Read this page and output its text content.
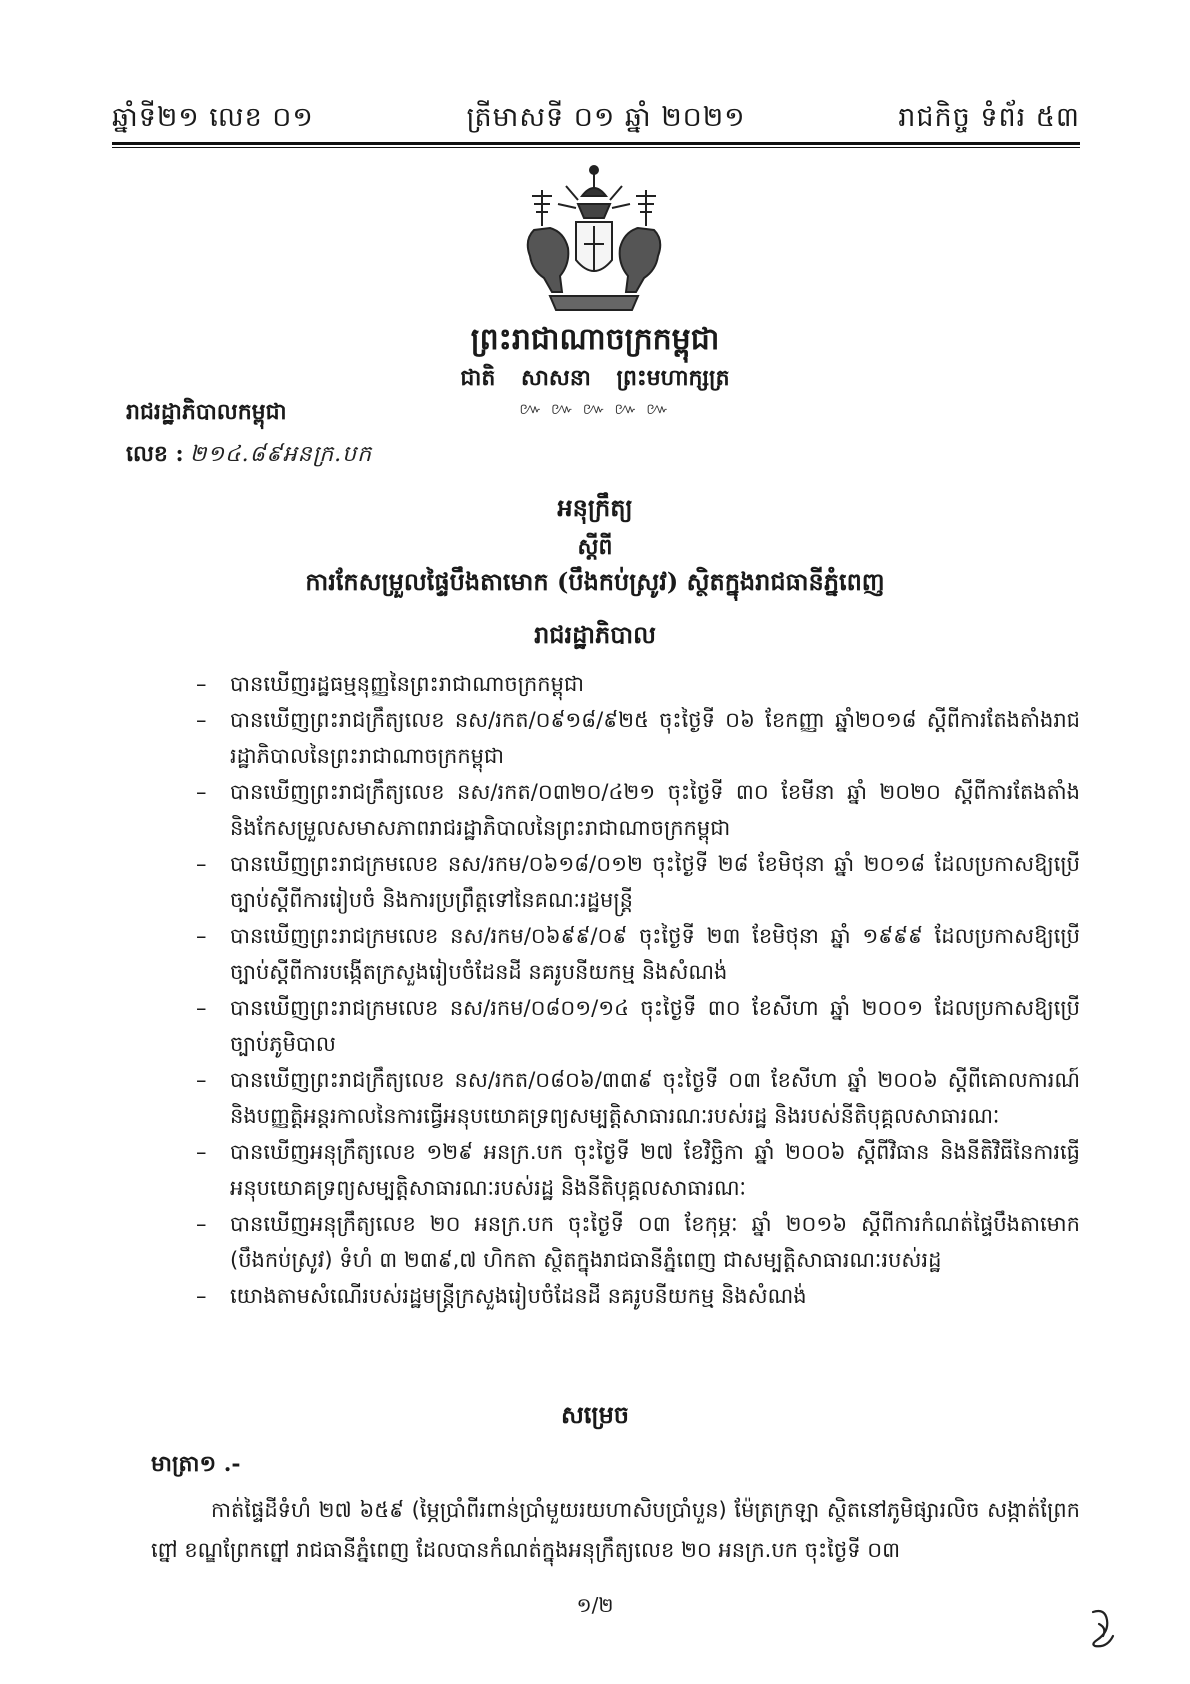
ឆ្នាំទី២១ លេខ ០១	ត្រីមាសទី ០១ ឆ្នាំ ២០២១	រាជកិច្ច ទំព័រ ៥៣
ព្រះរាជាណាចក្រកម្ពុជា
ជាតិ សាសនា ព្រះមហាក្សត្រ
៚ ៚ ៚ ៚ ៚
រាជរដ្ឋាភិបាលកម្ពុជា
លេខ : ២១៤.៨៩អនក្រ.បក
អនុក្រឹត្យ
ស្តីពី
ការកែសម្រួលផ្ទៃបឹងតាមោក (បឹងកប់ស្រូវ) ស្ថិតក្នុងរាជធានីភ្នំពេញ
រាជរដ្ឋាភិបាល
– បានឃើញរដ្ឋធម្មនុញ្ញនៃព្រះរាជាណាចក្រកម្ពុជា
– បានឃើញព្រះរាជក្រឹត្យលេខ នស/រកត/០៩១៨/៩២៥ ចុះថ្ងៃទី ០៦ ខែកញ្ញា ឆ្នាំ២០១៨ ស្តីពីការតែងតាំងរាជរដ្ឋាភិបាលនៃព្រះរាជាណាចក្រកម្ពុជា
– បានឃើញព្រះរាជក្រឹត្យលេខ នស/រកត/០៣២០/៤២១ ចុះថ្ងៃទី ៣០ ខែមីនា ឆ្នាំ ២០២០ ស្តីពីការតែងតាំង និងកែសម្រួលសមាសភាពរាជរដ្ឋាភិបាលនៃព្រះរាជាណាចក្រកម្ពុជា
– បានឃើញព្រះរាជក្រមលេខ នស/រកម/០៦១៨/០១២ ចុះថ្ងៃទី ២៨ ខែមិថុនា ឆ្នាំ ២០១៨ ដែលប្រកាសឱ្យប្រើច្បាប់ស្តីពីការរៀបចំ និងការប្រព្រឹត្តទៅនៃគណៈរដ្ឋមន្ត្រី
– បានឃើញព្រះរាជក្រមលេខ នស/រកម/០៦៩៩/០៩ ចុះថ្ងៃទី ២៣ ខែមិថុនា ឆ្នាំ ១៩៩៩ ដែលប្រកាសឱ្យប្រើច្បាប់ស្តីពីការបង្កើតក្រសួងរៀបចំដែនដី នគរូបនីយកម្ម និងសំណង់
– បានឃើញព្រះរាជក្រមលេខ នស/រកម/០៨០១/១៤ ចុះថ្ងៃទី ៣០ ខែសីហា ឆ្នាំ ២០០១ ដែលប្រកាសឱ្យប្រើច្បាប់ភូមិបាល
– បានឃើញព្រះរាជក្រឹត្យលេខ នស/រកត/០៨០៦/៣៣៩ ចុះថ្ងៃទី ០៣ ខែសីហា ឆ្នាំ ២០០៦ ស្តីពីគោលការណ៍ និងបញ្ញត្តិអន្តរកាលនៃការធ្វើអនុបយោគទ្រព្យសម្បត្តិសាធារណៈរបស់រដ្ឋ និងរបស់នីតិបុគ្គលសាធារណៈ
– បានឃើញអនុក្រឹត្យលេខ ១២៩ អនក្រ.បក ចុះថ្ងៃទី ២៧ ខែវិច្ឆិកា ឆ្នាំ ២០០៦ ស្តីពីវិធាន និងនីតិវិធីនៃការធ្វើអនុបយោគទ្រព្យសម្បត្តិសាធារណៈរបស់រដ្ឋ និងនីតិបុគ្គលសាធារណៈ
– បានឃើញអនុក្រឹត្យលេខ ២០ អនក្រ.បក ចុះថ្ងៃទី ០៣ ខែកុម្ភៈ ឆ្នាំ ២០១៦ ស្តីពីការកំណត់ផ្ទៃបឹងតាមោក (បឹងកប់ស្រូវ) ទំហំ ៣ ២៣៩,៧ ហិកតា ស្ថិតក្នុងរាជធានីភ្នំពេញ ជាសម្បត្តិសាធារណៈរបស់រដ្ឋ
– យោងតាមសំណើរបស់រដ្ឋមន្ត្រីក្រសួងរៀបចំដែនដី នគរូបនីយកម្ម និងសំណង់
សម្រេច
មាត្រា១ .-
កាត់ផ្ទៃដីទំហំ ២៧ ៦៥៩ (ម្ភៃប្រាំពីរពាន់ប្រាំមួយរយហាសិបប្រាំបួន) ម៉ែត្រក្រឡា ស្ថិតនៅភូមិផ្សារលិច សង្កាត់ព្រែកព្នៅ ខណ្ឌព្រែកព្នៅ រាជធានីភ្នំពេញ ដែលបានកំណត់ក្នុងអនុក្រឹត្យលេខ ២០ អនក្រ.បក ចុះថ្ងៃទី ០៣
១/២
